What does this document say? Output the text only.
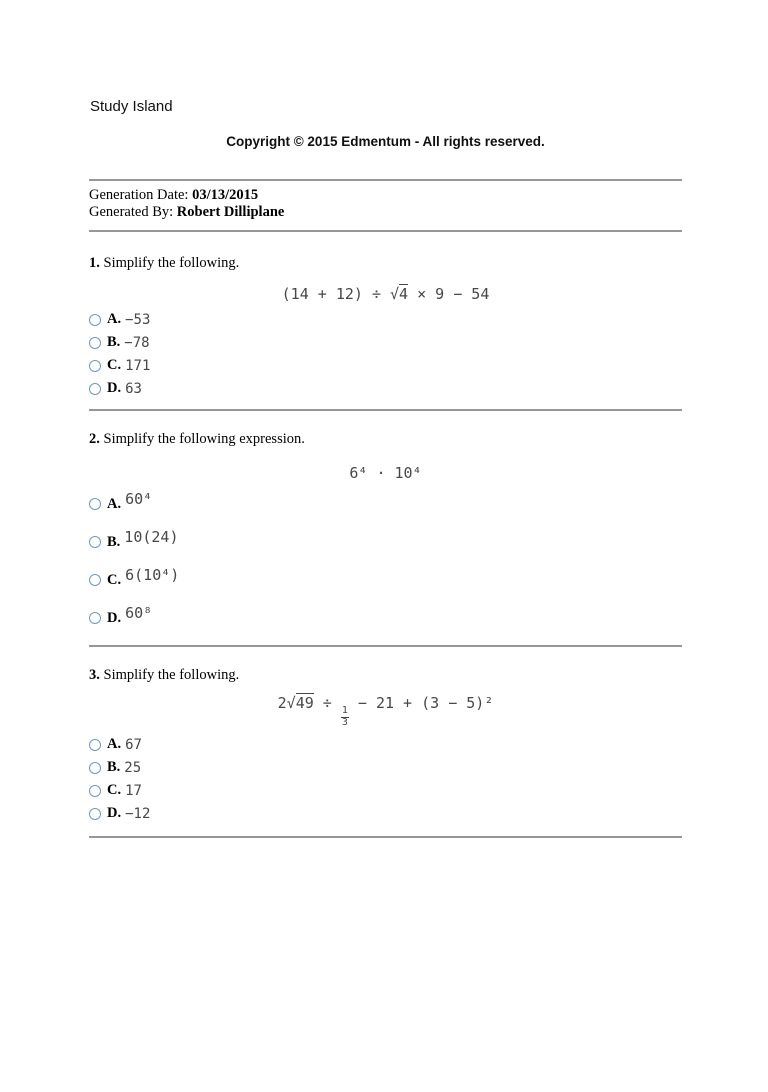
Study Island
Copyright © 2015 Edmentum - All rights reserved.
Generation Date: 03/13/2015
Generated By: Robert Dilliplane

1. Simplify the following.

(14 + 12) ÷ √4 × 9 − 54
A. −53
B. −78
C. 171
D. 63

2. Simplify the following expression.

6⁴ · 10⁴
A. 60⁴
B. 10(24)
C. 6(10⁴)
D. 60⁸

3. Simplify the following.

2√49 ÷
$\frac{1}{3}$
− 21 + (3 − 5)²
A. 67
B. 25
C. 17
D. −12
